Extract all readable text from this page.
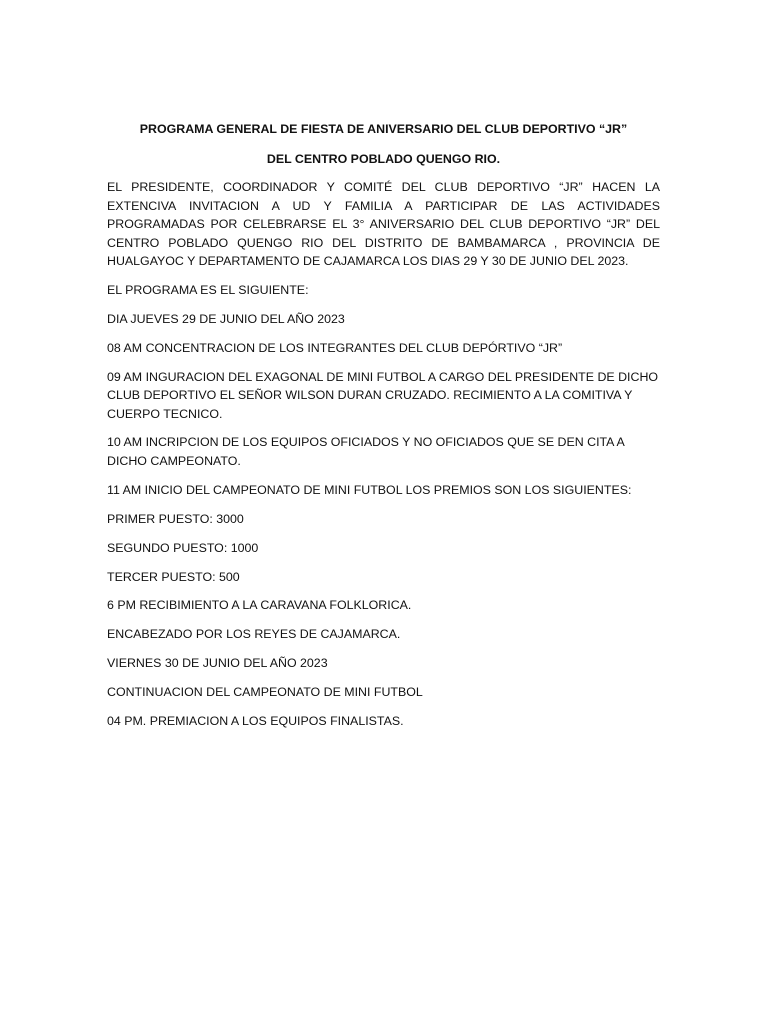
PROGRAMA GENERAL DE FIESTA DE ANIVERSARIO DEL CLUB DEPORTIVO “JR”

DEL CENTRO POBLADO QUENGO RIO.

EL PRESIDENTE, COORDINADOR Y COMITÉ DEL CLUB DEPORTIVO “JR” HACEN LA EXTENCIVA INVITACION A UD Y FAMILIA A PARTICIPAR DE LAS ACTIVIDADES PROGRAMADAS POR CELEBRARSE EL 3° ANIVERSARIO DEL CLUB DEPORTIVO “JR” DEL CENTRO POBLADO QUENGO RIO DEL DISTRITO DE BAMBAMARCA , PROVINCIA DE HUALGAYOC Y DEPARTAMENTO DE CAJAMARCA LOS DIAS 29 Y 30 DE JUNIO DEL 2023.

EL PROGRAMA ES EL SIGUIENTE:

DIA JUEVES 29 DE JUNIO DEL AÑO 2023

08 AM CONCENTRACION DE LOS INTEGRANTES DEL CLUB DEPÓRTIVO “JR”

09 AM INGURACION DEL EXAGONAL DE MINI FUTBOL A CARGO DEL PRESIDENTE DE DICHO CLUB DEPORTIVO EL SEÑOR WILSON DURAN CRUZADO. RECIMIENTO A LA COMITIVA Y CUERPO TECNICO.

10 AM INCRIPCION DE LOS EQUIPOS OFICIADOS Y NO OFICIADOS QUE SE DEN CITA A DICHO CAMPEONATO.

11 AM INICIO DEL CAMPEONATO DE MINI FUTBOL LOS PREMIOS SON LOS SIGUIENTES:

PRIMER PUESTO: 3000

SEGUNDO PUESTO: 1000

TERCER PUESTO: 500

6 PM RECIBIMIENTO A LA CARAVANA FOLKLORICA.

ENCABEZADO POR LOS REYES DE CAJAMARCA.

VIERNES 30 DE JUNIO DEL AÑO 2023

CONTINUACION DEL CAMPEONATO DE MINI FUTBOL

04 PM. PREMIACION A LOS EQUIPOS FINALISTAS.
